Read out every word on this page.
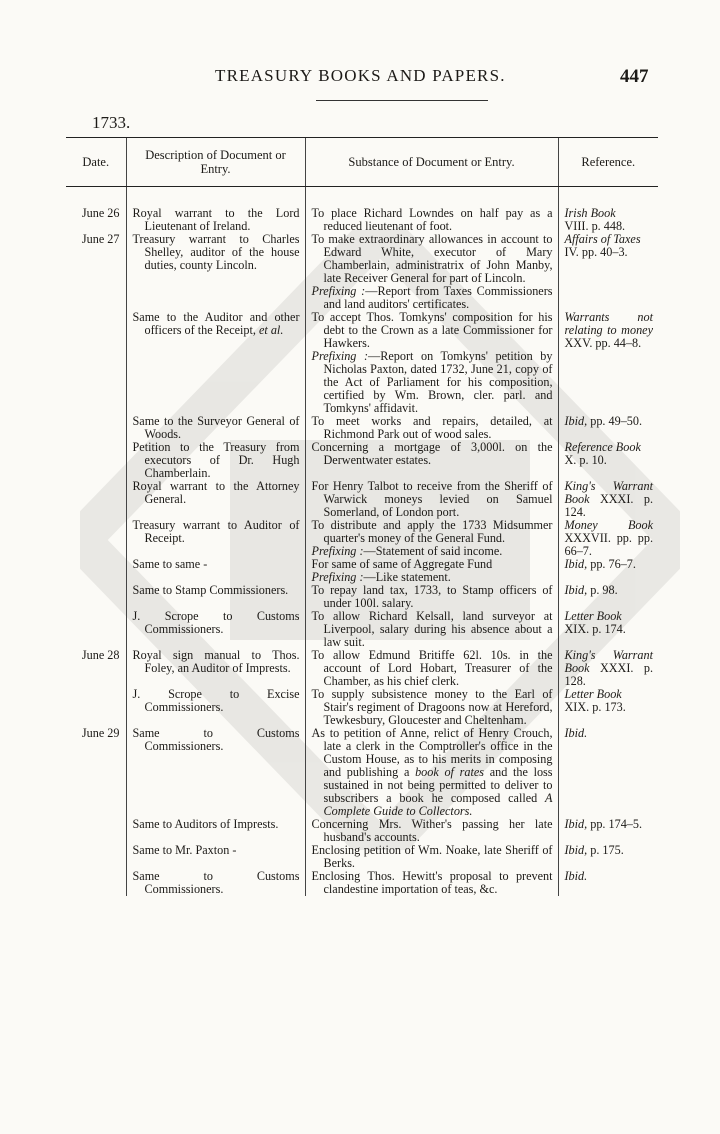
TREASURY BOOKS AND PAPERS.	447
1733.
Date.	Description of Document or Entry.	Substance of Document or Entry.	Reference.
June 26	Royal warrant to the Lord Lieutenant of Ireland.	To place Richard Lowndes on half pay as a reduced lieutenant of foot.	Irish Book
VIII. p. 448.
June 27	Treasury warrant to Charles Shelley, auditor of the house duties, county Lincoln.	To make extraordinary allowances in account to Edward White, executor of Mary Chamberlain, administratrix of John Manby, late Receiver General for part of Lincoln.
Prefixing :—Report from Taxes Commissioners and land auditors' certificates.	Affairs of Taxes
IV. pp. 40–3.

	Same to the Auditor and other officers of the Receipt, et al.	To accept Thos. Tomkyns' composition for his debt to the Crown as a late Commissioner for Hawkers.
Prefixing :—Report on Tomkyns' petition by Nicholas Paxton, dated 1732, June 21, copy of the Act of Parliament for his composition, certified by Wm. Brown, cler. parl. and Tomkyns' affidavit.	Warrants not relating to money XXV. pp. 44–8.

	Same to the Surveyor General of Woods.	To meet works and repairs, detailed, at Richmond Park out of wood sales.	Ibid, pp. 49–50.

	Petition to the Treasury from executors of Dr. Hugh Chamberlain.	Concerning a mortgage of 3,000l. on the Derwentwater estates.	Reference Book
X. p. 10.

	Royal warrant to the Attorney General.	For Henry Talbot to receive from the Sheriff of Warwick moneys levied on Samuel Somerland, of London port.	King's Warrant Book XXXI. p. 124.

	Treasury warrant to Auditor of Receipt.	To distribute and apply the 1733 Midsummer quarter's money of the General Fund.
Prefixing :—Statement of said income.	Money Book XXXVII. pp. pp. 66–7.

	Same to same -	For same of same of Aggregate Fund
Prefixing :—Like statement.	Ibid, pp. 76–7.

	Same to Stamp Commissioners.	To repay land tax, 1733, to Stamp officers of under 100l. salary.	Ibid, p. 98.

	J. Scrope to Customs Commissioners.	To allow Richard Kelsall, land surveyor at Liverpool, salary during his absence about a law suit.	Letter Book
XIX. p. 174.
June 28	Royal sign manual to Thos. Foley, an Auditor of Imprests.	To allow Edmund Britiffe 62l. 10s. in the account of Lord Hobart, Treasurer of the Chamber, as his chief clerk.	King's Warrant Book XXXI. p. 128.

	J. Scrope to Excise Commissioners.	To supply subsistence money to the Earl of Stair's regiment of Dragoons now at Hereford, Tewkesbury, Gloucester and Cheltenham.	Letter Book
XIX. p. 173.
June 29	Same to Customs Commissioners.	As to petition of Anne, relict of Henry Crouch, late a clerk in the Comptroller's office in the Custom House, as to his merits in composing and publishing a book of rates and the loss sustained in not being permitted to deliver to subscribers a book he composed called A Complete Guide to Collectors.	Ibid.

	Same to Auditors of Imprests.	Concerning Mrs. Wither's passing her late husband's accounts.	Ibid, pp. 174–5.

	Same to Mr. Paxton -	Enclosing petition of Wm. Noake, late Sheriff of Berks.	Ibid, p. 175.

	Same to Customs Commissioners.	Enclosing Thos. Hewitt's proposal to prevent clandestine importation of teas, &c.	Ibid.
